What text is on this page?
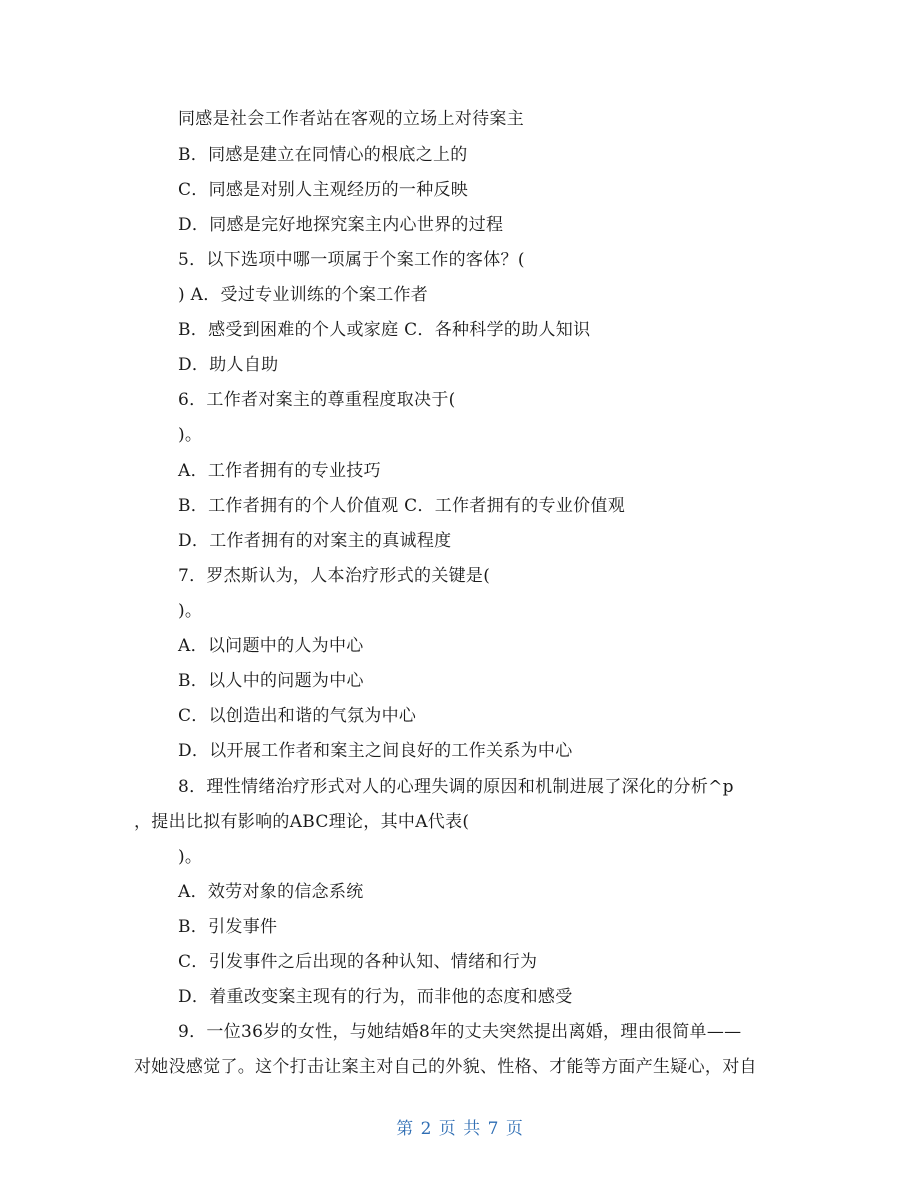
同感是社会工作者站在客观的立场上对待案主
B．同感是建立在同情心的根底之上的
C．同感是对别人主观经历的一种反映
D．同感是完好地探究案主内心世界的过程
5．以下选项中哪一项属于个案工作的客体？(
) A．受过专业训练的个案工作者
B．感受到困难的个人或家庭 C．各种科学的助人知识
D．助人自助
6．工作者对案主的尊重程度取决于(
)。
A．工作者拥有的专业技巧
B．工作者拥有的个人价值观 C．工作者拥有的专业价值观
D．工作者拥有的对案主的真诚程度
7．罗杰斯认为，人本治疗形式的关键是(
)。
A．以问题中的人为中心
B．以人中的问题为中心
C．以创造出和谐的气氛为中心
D．以开展工作者和案主之间良好的工作关系为中心
8．理性情绪治疗形式对人的心理失调的原因和机制进展了深化的分析^p
，提出比拟有影响的ABC理论，其中A代表(
)。
A．效劳对象的信念系统
B．引发事件
C．引发事件之后出现的各种认知、情绪和行为
D．着重改变案主现有的行为，而非他的态度和感受
9．一位36岁的女性，与她结婚8年的丈夫突然提出离婚，理由很简单——
对她没感觉了。这个打击让案主对自己的外貌、性格、才能等方面产生疑心，对自
第 2 页 共 7 页
